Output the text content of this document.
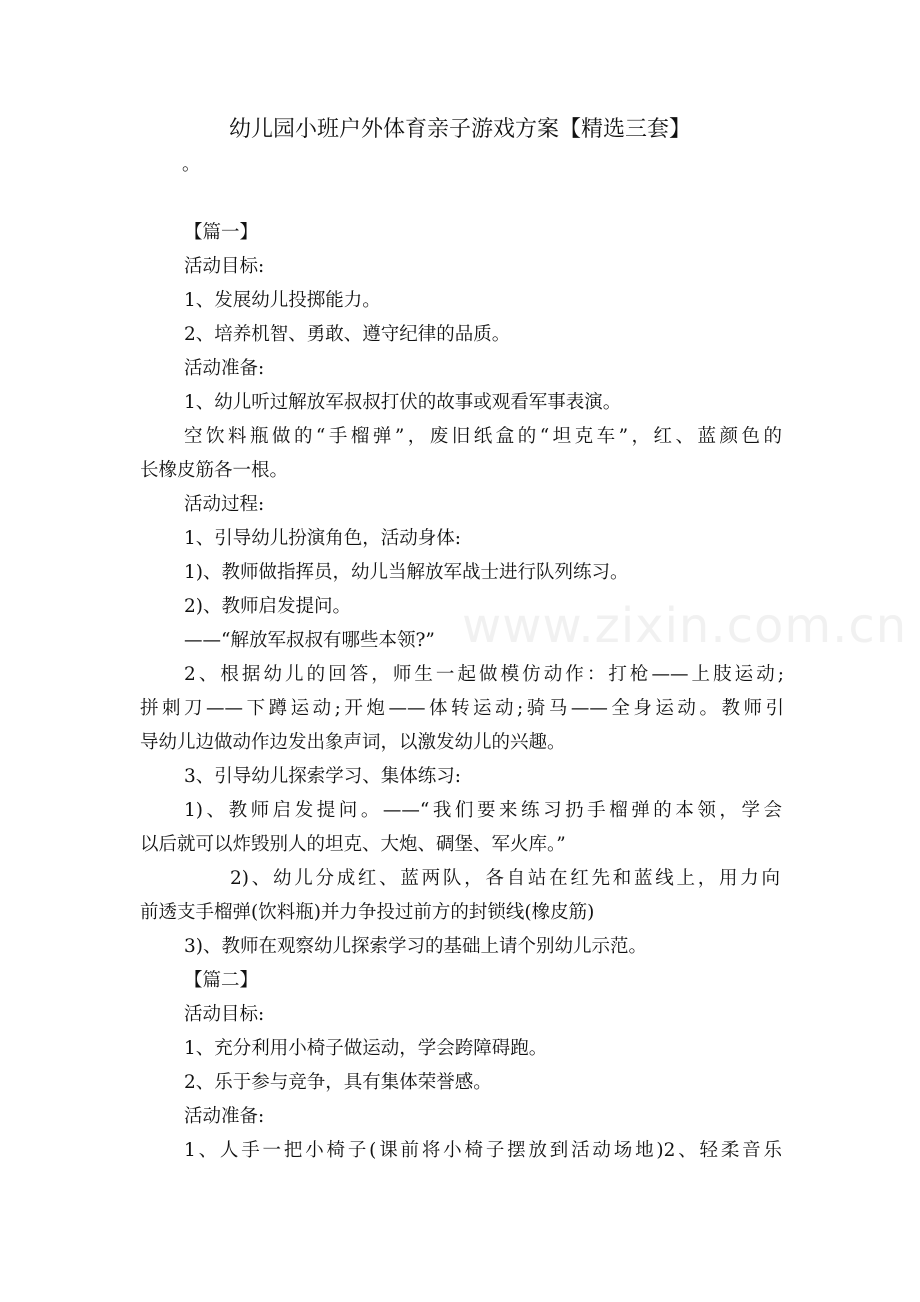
幼儿园小班户外体育亲子游戏方案【精选三套】
。
www.zixin.com.cn
【篇一】
活动目标:
1、发展幼儿投掷能力。
2、培养机智、勇敢、遵守纪律的品质。
活动准备:
1、幼儿听过解放军叔叔打伏的故事或观看军事表演。
空饮料瓶做的“手榴弹”，废旧纸盒的“坦克车”，红、蓝颜色的
长橡皮筋各一根。
活动过程:
1、引导幼儿扮演角色，活动身体:
1)、教师做指挥员，幼儿当解放军战士进行队列练习。
2)、教师启发提问。
——“解放军叔叔有哪些本领?”
2、根据幼儿的回答，师生一起做模仿动作：打枪——上肢运动;
拼刺刀——下蹲运动;开炮——体转运动;骑马——全身运动。教师引
导幼儿边做动作边发出象声词，以激发幼儿的兴趣。
3、引导幼儿探索学习、集体练习:
1)、教师启发提问。——“我们要来练习扔手榴弹的本领，学会
以后就可以炸毁别人的坦克、大炮、碉堡、军火库。”
2)、幼儿分成红、蓝两队，各自站在红先和蓝线上，用力向
前透支手榴弹(饮料瓶)并力争投过前方的封锁线(橡皮筋)
3)、教师在观察幼儿探索学习的基础上请个别幼儿示范。
【篇二】
活动目标:
1、充分利用小椅子做运动，学会跨障碍跑。
2、乐于参与竞争，具有集体荣誉感。
活动准备:
1、人手一把小椅子(课前将小椅子摆放到活动场地)2、轻柔音乐
